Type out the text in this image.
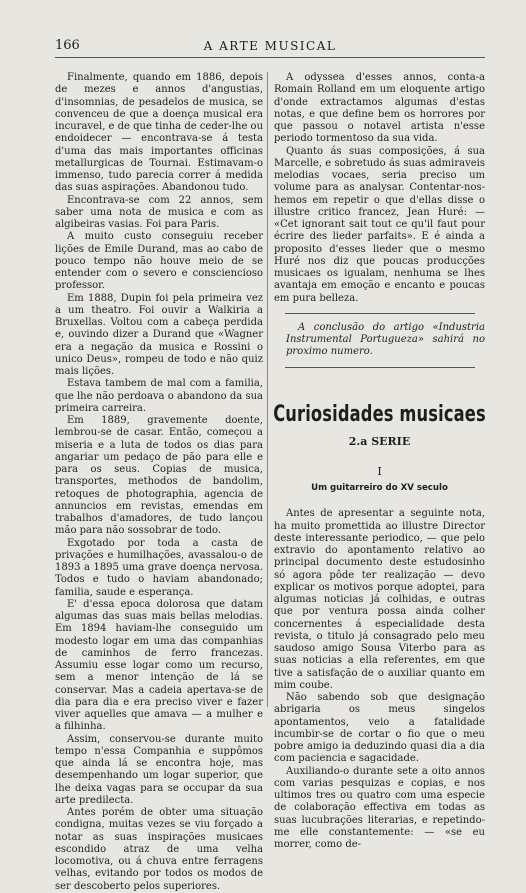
166	A ARTE MUSICAL

Finalmente, quando em 1886, depois de mezes e annos d'angustias, d'insomnias, de pesadelos de musica, se convenceu de que a doença musical era incuravel, e de que tinha de ceder-lhe ou endoidecer — encontrava-se á testa d'uma das mais importantes officinas metallurgicas de Tournai. Estimavam-o immenso, tudo parecia correr á medida das suas aspirações. Abandonou tudo.

Encontrava-se com 22 annos, sem saber uma nota de musica e com as algibeiras vasias. Foi para Paris.

A muito custo conseguiu receber lições de Emile Durand, mas ao cabo de pouco tempo não houve meio de se entender com o severo e consciencioso professor.

Em 1888, Dupin foi pela primeira vez a um theatro. Foi ouvir a Walkiria a Bruxellas. Voltou com a cabeça perdida e, ouvindo dizer a Durand que «Wagner era a negação da musica e Rossini o unico Deus», rompeu de todo e não quiz mais lições.

Estava tambem de mal com a familia, que lhe não perdoava o abandono da sua primeira carreira.

Em 1889, gravemente doente, lembrou-se de casar. Então, começou a miseria e a luta de todos os dias para angariar um pedaço de pão para elle e para os seus. Copias de musica, transportes, methodos de bandolim, retoques de photographia, agencia de annuncios em revistas, emendas em trabalhos d'amadores, de tudo lançou mão para não sossobrar de todo.

Exgotado por toda a casta de privações e humilhações, avassalou-o de 1893 a 1895 uma grave doença nervosa. Todos e tudo o haviam abandonado; familia, saude e esperança.

E' d'essa epoca dolorosa que datam algumas das suas mais bellas melodias. Em 1894 haviam-lhe conseguido um modesto logar em uma das companhias de caminhos de ferro francezas. Assumiu esse logar como um recurso, sem a menor intenção de lá se conservar. Mas a cadeia apertava-se de dia para dia e era preciso viver e fazer viver aquelles que amava — a mulher e a filhinha.

Assim, conservou-se durante muito tempo n'essa Companhia e suppômos que ainda lá se encontra hoje, mas desempenhando um logar superior, que lhe deixa vagas para se occupar da sua arte predilecta.

Antes porém de obter uma situação condigna, muitas vezes se viu forçado a notar as suas inspirações musicaes escondido atraz de uma velha locomotiva, ou á chuva entre ferragens velhas, evitando por todos os modos de ser descoberto pelos superiores.

A odyssea d'esses annos, conta-a Romain Rolland em um eloquente artigo d'onde extractamos algumas d'estas notas, e que define bem os horrores por que passou o notavel artista n'esse periodo tormentoso da sua vida.

Quanto ás suas composições, á sua Marcelle, e sobretudo ás suas admiraveis melodias vocaes, seria preciso um volume para as analysar. Contentar-nos-hemos em repetir o que d'ellas disse o illustre critico francez, Jean Huré: — «Cet ignorant sait tout ce qu'il faut pour écrire des lieder parfaits». E é ainda a proposito d'esses lieder que o mesmo Huré nos diz que poucas producções musicaes os igualam, nenhuma se lhes avantaja em emoção e encanto e poucas em pura belleza.

A conclusão do artigo «Industria Instrumental Portugueza» sahirá no proximo numero.

Curiosidades musicaes
2.a SERIE
I
Um guitarreiro do XV seculo

Antes de apresentar a seguinte nota, ha muito promettida ao illustre Director deste interessante periodico, — que pelo extravio do apontamento relativo ao principal documento deste estudosinho só agora pôde ter realização — devo explicar os motivos porque adoptei, para algumas noticias já colhidas, e outras que por ventura possa ainda colher concernentes á especialidade desta revista, o titulo já consagrado pelo meu saudoso amigo Sousa Viterbo para as suas noticias a ella referentes, em que tive a satisfação de o auxiliar quanto em mim coube.

Não sabendo sob que designação abrigaria os meus singelos apontamentos, veio a fatalidade incumbir-se de cortar o fio que o meu pobre amigo ia deduzindo quasi dia a dia com paciencia e sagacidade.

Auxiliando-o durante sete a oito annos com varias pesquizas e copias, e nos ultimos tres ou quatro com uma especie de colaboração effectiva em todas as suas lucubrações literarias, e repetindo-me elle constantemente: — «se eu morrer, como de-
